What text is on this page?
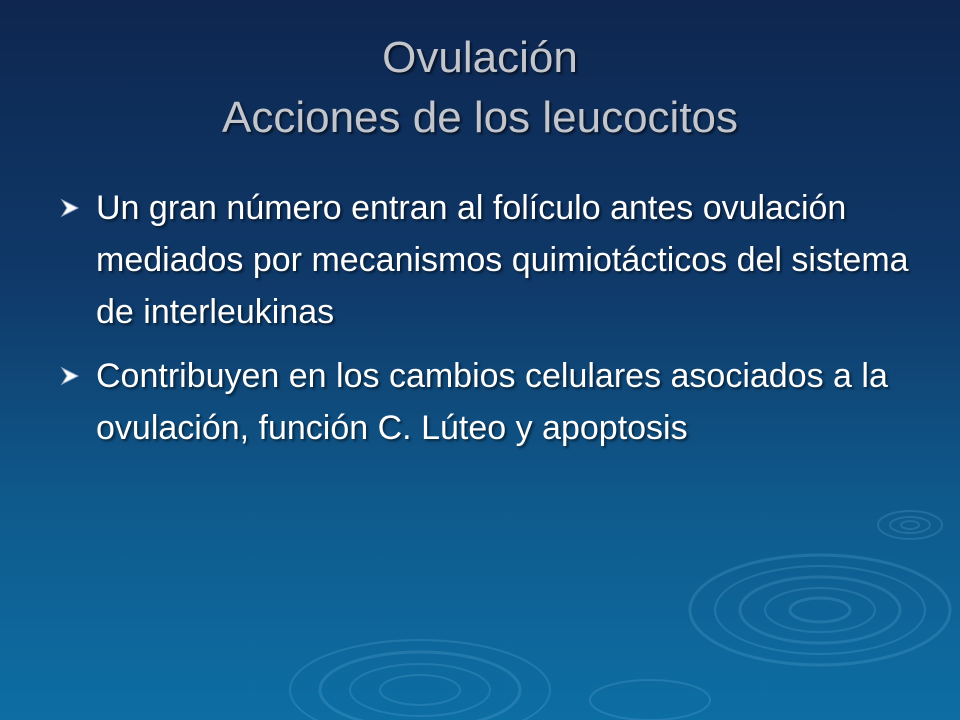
Ovulación
Acciones de los leucocitos
Un gran número entran al folículo antes ovulación mediados por mecanismos quimiotácticos del sistema de interleukinas
Contribuyen en los cambios celulares asociados a la ovulación, función C. Lúteo y apoptosis
